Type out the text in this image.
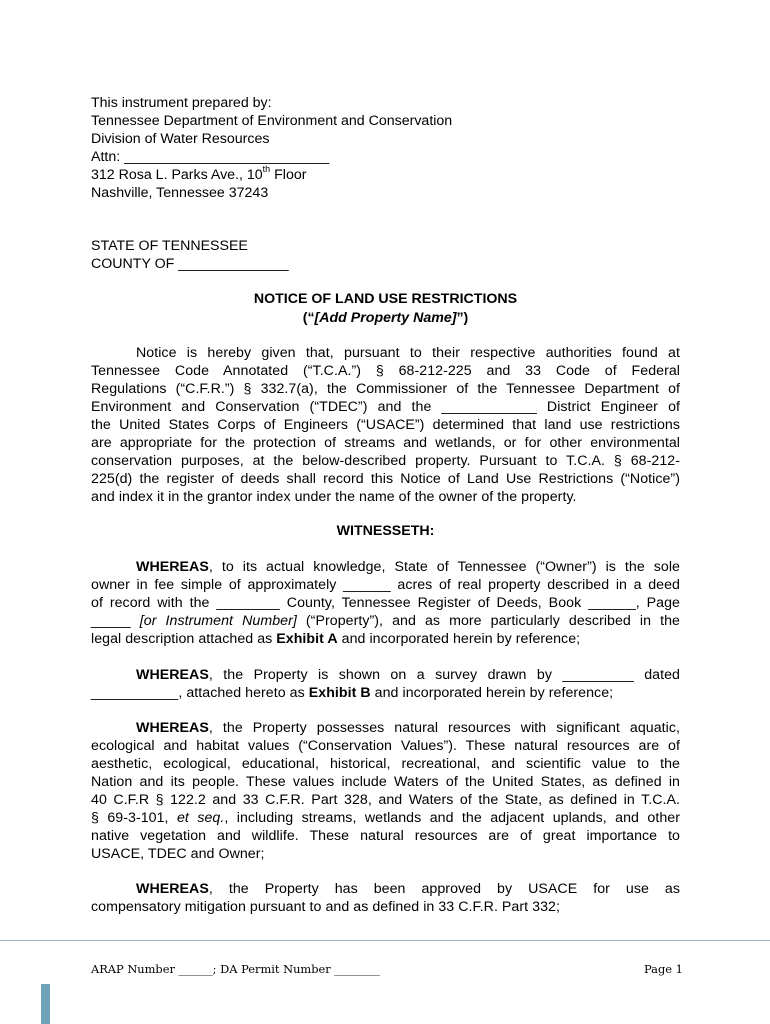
This instrument prepared by:
Tennessee Department of Environment and Conservation
Division of Water Resources
Attn: __________________________
312 Rosa L. Parks Ave., 10th Floor
Nashville, Tennessee 37243
STATE OF TENNESSEE
COUNTY OF ______________
NOTICE OF LAND USE RESTRICTIONS
(“[Add Property Name]”)
Notice is hereby given that, pursuant to their respective authorities found at
Tennessee Code Annotated (“T.C.A.”) § 68-212-225 and 33 Code of Federal
Regulations (“C.F.R.”) § 332.7(a), the Commissioner of the Tennessee Department of
Environment and Conservation (“TDEC”) and the ____________ District Engineer of
the United States Corps of Engineers (“USACE”) determined that land use restrictions
are appropriate for the protection of streams and wetlands, or for other environmental
conservation purposes, at the below-described property. Pursuant to T.C.A. § 68-212-
225(d) the register of deeds shall record this Notice of Land Use Restrictions (“Notice”)
and index it in the grantor index under the name of the owner of the property.
WITNESSETH:
WHEREAS, to its actual knowledge, State of Tennessee (“Owner”) is the sole
owner in fee simple of approximately ______ acres of real property described in a deed
of record with the ________ County, Tennessee Register of Deeds, Book ______, Page
_____ [or Instrument Number] (“Property”), and as more particularly described in the
legal description attached as Exhibit A and incorporated herein by reference;
WHEREAS, the Property is shown on a survey drawn by _________ dated
___________, attached hereto as Exhibit B and incorporated herein by reference;
WHEREAS, the Property possesses natural resources with significant aquatic,
ecological and habitat values (“Conservation Values”). These natural resources are of
aesthetic, ecological, educational, historical, recreational, and scientific value to the
Nation and its people. These values include Waters of the United States, as defined in
40 C.F.R § 122.2 and 33 C.F.R. Part 328, and Waters of the State, as defined in T.C.A.
§ 69-3-101, et seq., including streams, wetlands and the adjacent uplands, and other
native vegetation and wildlife. These natural resources are of great importance to
USACE, TDEC and Owner;
WHEREAS, the Property has been approved by USACE for use as
compensatory mitigation pursuant to and as defined in 33 C.F.R. Part 332;
ARAP Number ______; DA Permit Number ________	Page 1
